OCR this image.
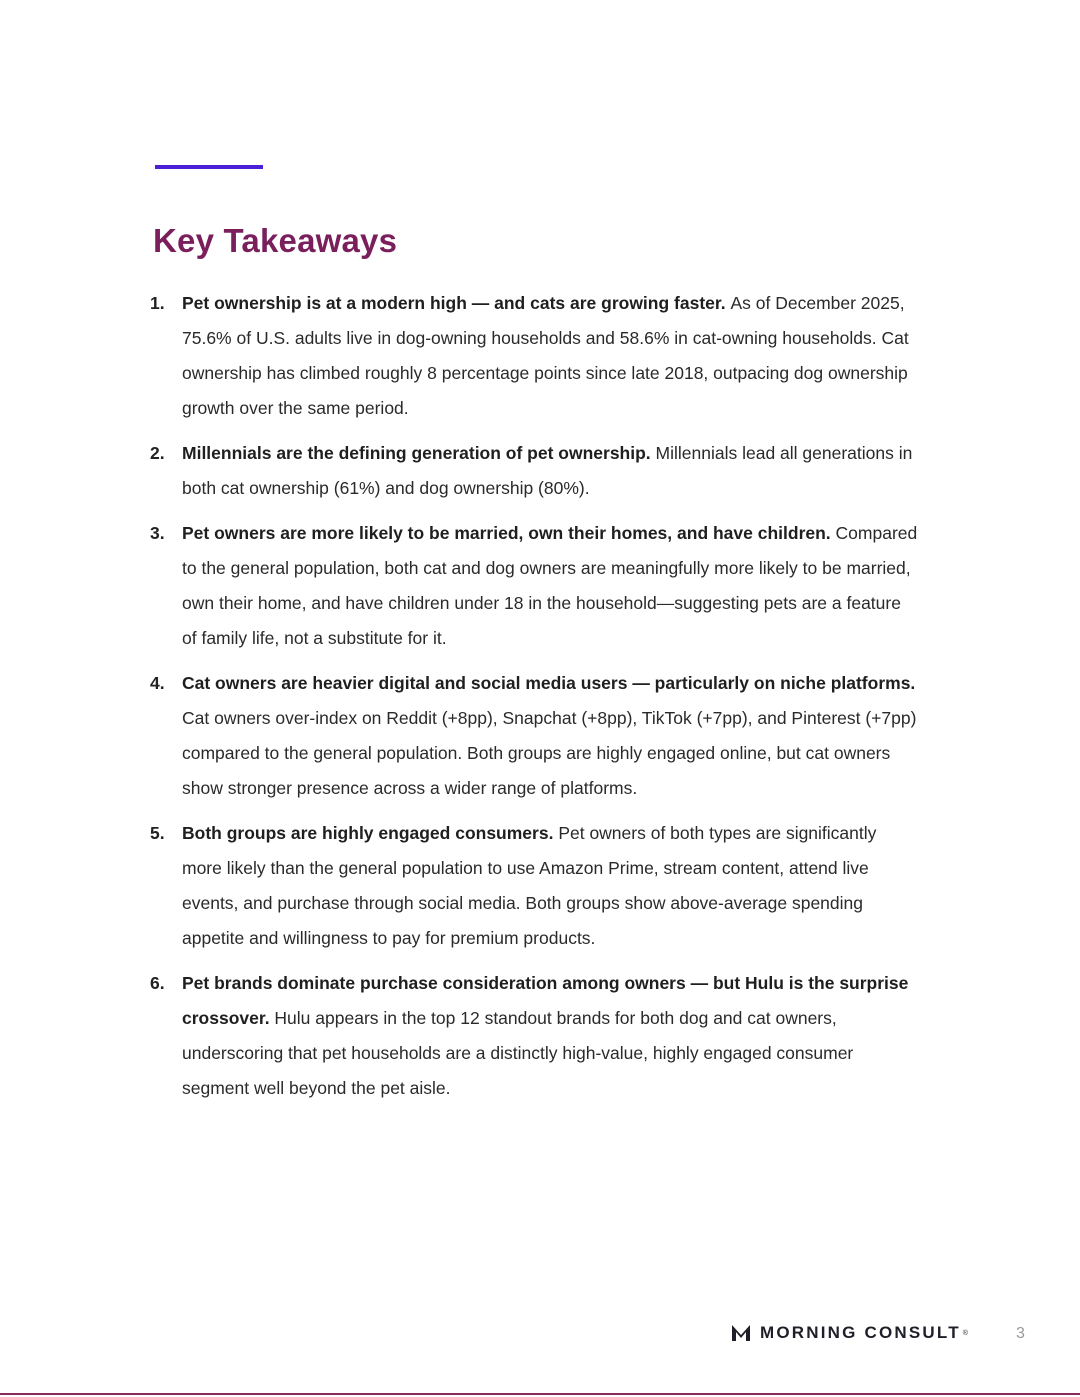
Key Takeaways
1. Pet ownership is at a modern high — and cats are growing faster. As of December 2025, 75.6% of U.S. adults live in dog-owning households and 58.6% in cat-owning households. Cat ownership has climbed roughly 8 percentage points since late 2018, outpacing dog ownership growth over the same period.
2. Millennials are the defining generation of pet ownership. Millennials lead all generations in both cat ownership (61%) and dog ownership (80%).
3. Pet owners are more likely to be married, own their homes, and have children. Compared to the general population, both cat and dog owners are meaningfully more likely to be married, own their home, and have children under 18 in the household—suggesting pets are a feature of family life, not a substitute for it.
4. Cat owners are heavier digital and social media users — particularly on niche platforms. Cat owners over-index on Reddit (+8pp), Snapchat (+8pp), TikTok (+7pp), and Pinterest (+7pp) compared to the general population. Both groups are highly engaged online, but cat owners show stronger presence across a wider range of platforms.
5. Both groups are highly engaged consumers. Pet owners of both types are significantly more likely than the general population to use Amazon Prime, stream content, attend live events, and purchase through social media. Both groups show above-average spending appetite and willingness to pay for premium products.
6. Pet brands dominate purchase consideration among owners — but Hulu is the surprise crossover. Hulu appears in the top 12 standout brands for both dog and cat owners, underscoring that pet households are a distinctly high-value, highly engaged consumer segment well beyond the pet aisle.
MORNING CONSULT ®	3
